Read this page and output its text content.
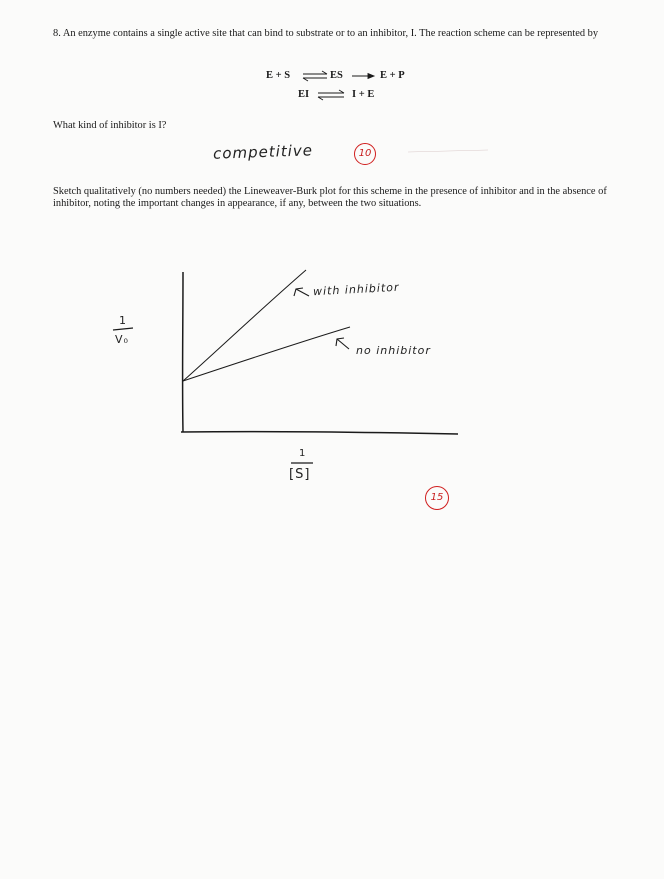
8. An enzyme contains a single active site that can bind to substrate or to an inhibitor, I. The reaction scheme can be represented by
E + S	ES	E + P
EI	I + E
What kind of inhibitor is I?
competitive	10
Sketch qualitatively (no numbers needed) the Lineweaver-Burk plot for this scheme in the presence of inhibitor and in the absence of inhibitor, noting the important changes in appearance, if any, between the two situations.
1
V₀
1
[S]
with inhibitor
no inhibitor
15
